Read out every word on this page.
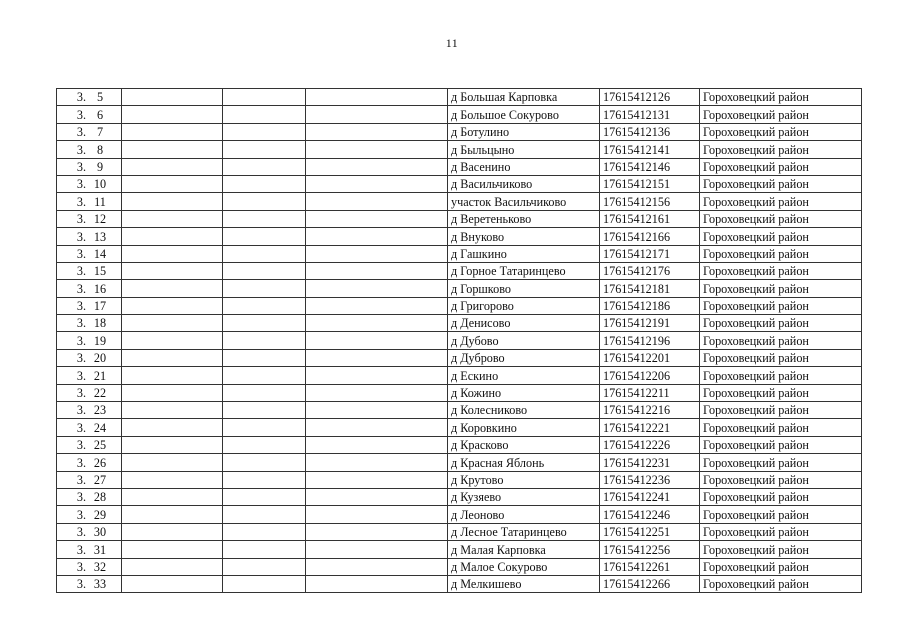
11
3. 5				д Большая Карповка	17615412126	Гороховецкий район
3. 6				д Большое Сокурово	17615412131	Гороховецкий район
3. 7				д Ботулино	17615412136	Гороховецкий район
3. 8				д Быльцыно	17615412141	Гороховецкий район
3. 9				д Васенино	17615412146	Гороховецкий район
3. 10				д Васильчиково	17615412151	Гороховецкий район
3. 11				участок Васильчиково	17615412156	Гороховецкий район
3. 12				д Веретеньково	17615412161	Гороховецкий район
3. 13				д Внуково	17615412166	Гороховецкий район
3. 14				д Гашкино	17615412171	Гороховецкий район
3. 15				д Горное Татаринцево	17615412176	Гороховецкий район
3. 16				д Горшково	17615412181	Гороховецкий район
3. 17				д Григорово	17615412186	Гороховецкий район
3. 18				д Денисово	17615412191	Гороховецкий район
3. 19				д Дубово	17615412196	Гороховецкий район
3. 20				д Дуброво	17615412201	Гороховецкий район
3. 21				д Ескино	17615412206	Гороховецкий район
3. 22				д Кожино	17615412211	Гороховецкий район
3. 23				д Колесниково	17615412216	Гороховецкий район
3. 24				д Коровкино	17615412221	Гороховецкий район
3. 25				д Красково	17615412226	Гороховецкий район
3. 26				д Красная Яблонь	17615412231	Гороховецкий район
3. 27				д Крутово	17615412236	Гороховецкий район
3. 28				д Кузяево	17615412241	Гороховецкий район
3. 29				д Леоново	17615412246	Гороховецкий район
3. 30				д Лесное Татаринцево	17615412251	Гороховецкий район
3. 31				д Малая Карповка	17615412256	Гороховецкий район
3. 32				д Малое Сокурово	17615412261	Гороховецкий район
3. 33				д Мелкишево	17615412266	Гороховецкий район
